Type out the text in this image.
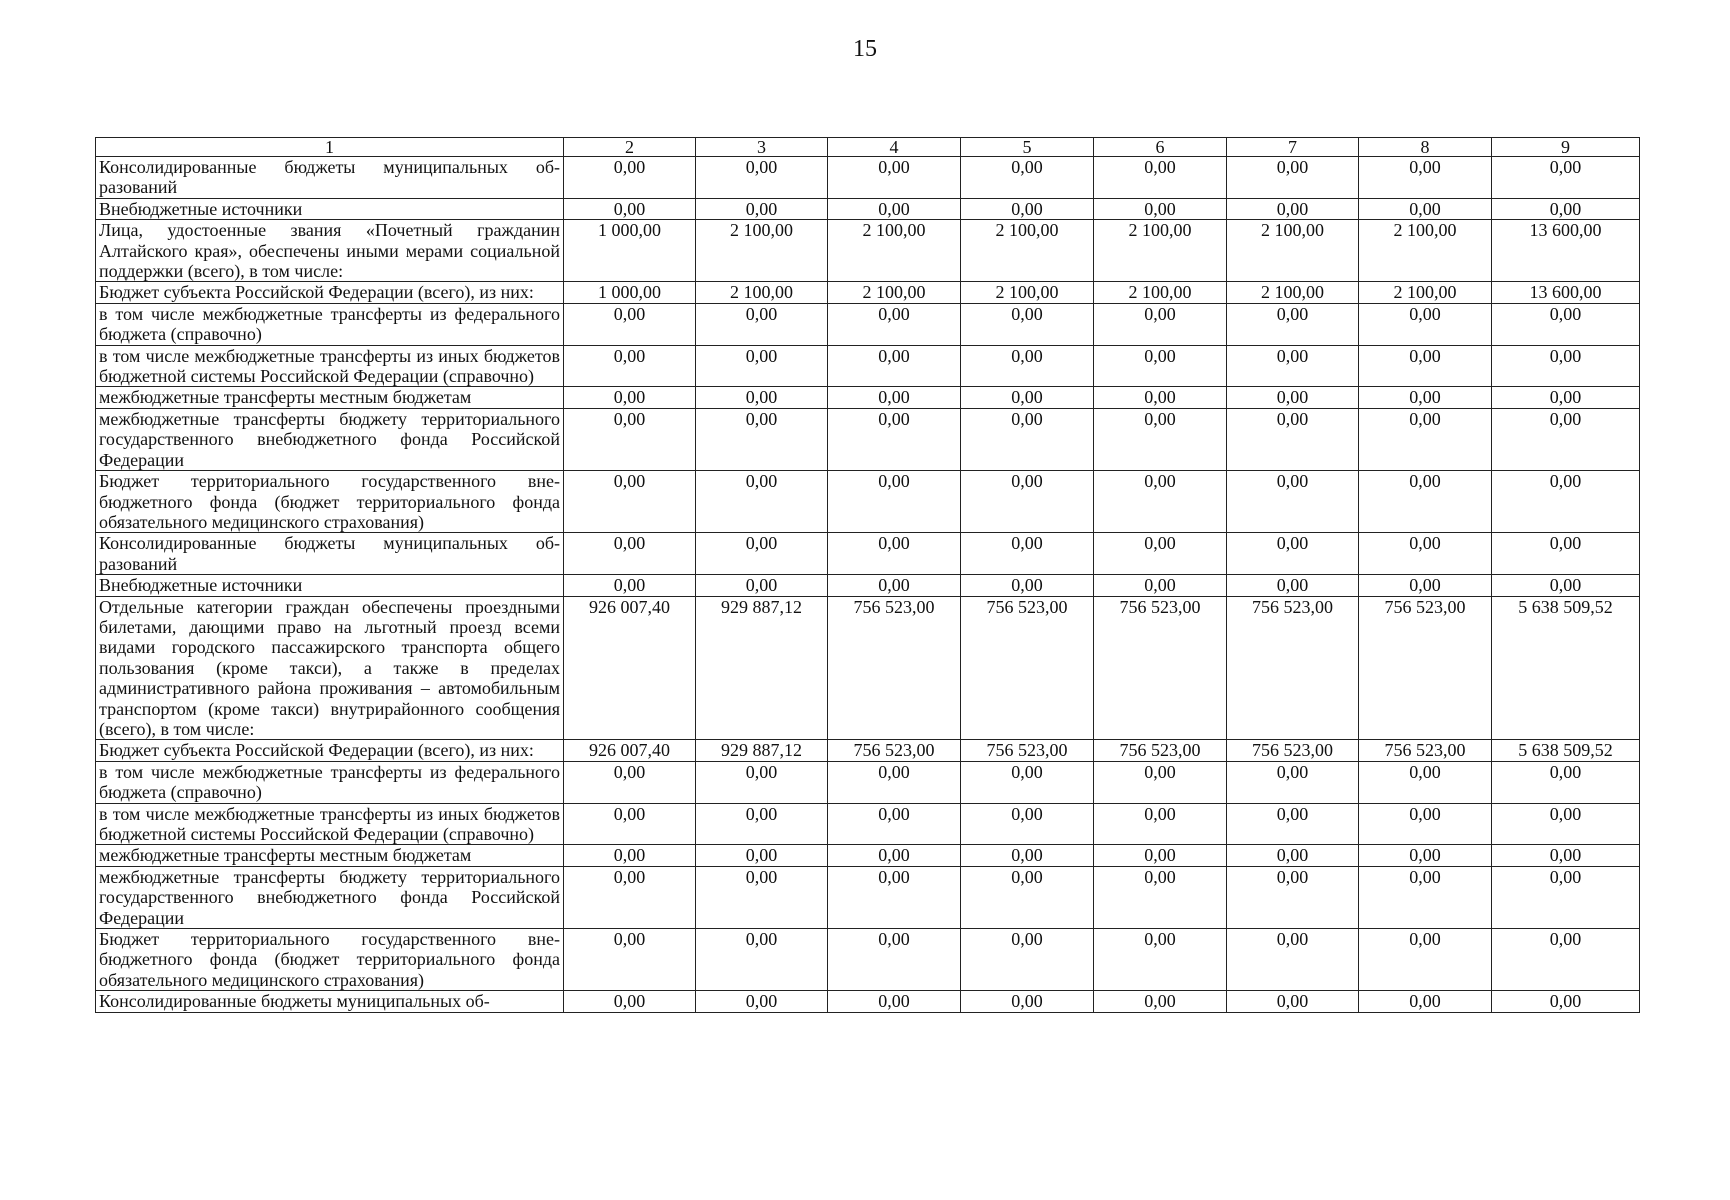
15
1	2	3	4	5	6	7	8	9
Консолидированные бюджеты муниципальных образований	0,00	0,00	0,00	0,00	0,00	0,00	0,00	0,00
Внебюджетные источники	0,00	0,00	0,00	0,00	0,00	0,00	0,00	0,00
Лица, удостоенные звания «Почетный гражданин Алтайского края», обеспечены иными мерами социальной поддержки (всего), в том числе:	1 000,00	2 100,00	2 100,00	2 100,00	2 100,00	2 100,00	2 100,00	13 600,00
Бюджет субъекта Российской Федерации (всего), из них:	1 000,00	2 100,00	2 100,00	2 100,00	2 100,00	2 100,00	2 100,00	13 600,00
в том числе межбюджетные трансферты из федерального бюджета (справочно)	0,00	0,00	0,00	0,00	0,00	0,00	0,00	0,00
в том числе межбюджетные трансферты из иных бюджетов бюджетной системы Российской Федерации (справочно)	0,00	0,00	0,00	0,00	0,00	0,00	0,00	0,00
межбюджетные трансферты местным бюджетам	0,00	0,00	0,00	0,00	0,00	0,00	0,00	0,00
межбюджетные трансферты бюджету территориального государственного внебюджетного фонда Российской Федерации	0,00	0,00	0,00	0,00	0,00	0,00	0,00	0,00
Бюджет территориального государственного внебюджетного фонда (бюджет территориального фонда обязательного медицинского страхования)	0,00	0,00	0,00	0,00	0,00	0,00	0,00	0,00
Консолидированные бюджеты муниципальных образований	0,00	0,00	0,00	0,00	0,00	0,00	0,00	0,00
Внебюджетные источники	0,00	0,00	0,00	0,00	0,00	0,00	0,00	0,00
Отдельные категории граждан обеспечены проездными билетами, дающими право на льготный проезд всеми видами городского пассажирского транспорта общего пользования (кроме такси), а также в пределах административного района проживания – автомобильным транспортом (кроме такси) внутрирайонного сообщения (всего), в том числе:	926 007,40	929 887,12	756 523,00	756 523,00	756 523,00	756 523,00	756 523,00	5 638 509,52
Бюджет субъекта Российской Федерации (всего), из них:	926 007,40	929 887,12	756 523,00	756 523,00	756 523,00	756 523,00	756 523,00	5 638 509,52
в том числе межбюджетные трансферты из федерального бюджета (справочно)	0,00	0,00	0,00	0,00	0,00	0,00	0,00	0,00
в том числе межбюджетные трансферты из иных бюджетов бюджетной системы Российской Федерации (справочно)	0,00	0,00	0,00	0,00	0,00	0,00	0,00	0,00
межбюджетные трансферты местным бюджетам	0,00	0,00	0,00	0,00	0,00	0,00	0,00	0,00
межбюджетные трансферты бюджету территориального государственного внебюджетного фонда Российской Федерации	0,00	0,00	0,00	0,00	0,00	0,00	0,00	0,00
Бюджет территориального государственного внебюджетного фонда (бюджет территориального фонда обязательного медицинского страхования)	0,00	0,00	0,00	0,00	0,00	0,00	0,00	0,00
Консолидированные бюджеты муниципальных об-	0,00	0,00	0,00	0,00	0,00	0,00	0,00	0,00
